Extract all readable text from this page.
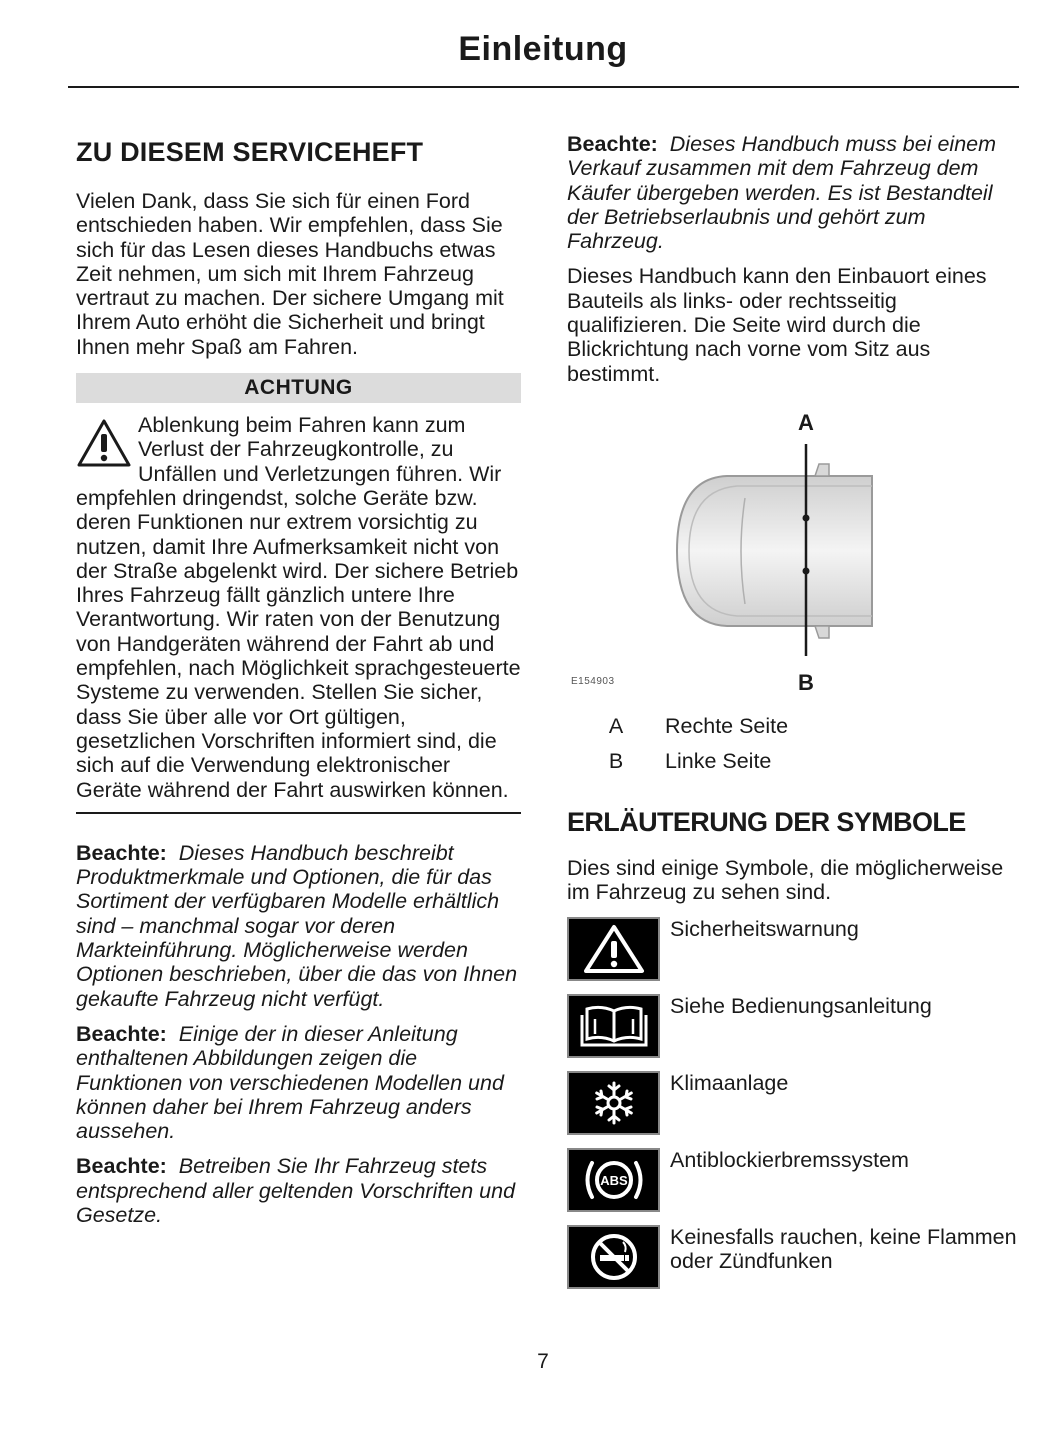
Einleitung
ZU DIESEM SERVICEHEFT

Vielen Dank, dass Sie sich für einen Ford entschieden haben. Wir empfehlen, dass Sie sich für das Lesen dieses Handbuchs etwas Zeit nehmen, um sich mit Ihrem Fahrzeug vertraut zu machen. Der sichere Umgang mit Ihrem Auto erhöht die Sicherheit und bringt Ihnen mehr Spaß am Fahren.

ACHTUNG
Ablenkung beim Fahren kann zum Verlust der Fahrzeugkontrolle, zu Unfällen und Verletzungen führen. Wir empfehlen dringendst, solche Geräte bzw. deren Funktionen nur extrem vorsichtig zu nutzen, damit Ihre Aufmerksamkeit nicht von der Straße abgelenkt wird. Der sichere Betrieb Ihres Fahrzeug fällt gänzlich untere Ihre Verantwortung. Wir raten von der Benutzung von Handgeräten während der Fahrt ab und empfehlen, nach Möglichkeit sprachgesteuerte Systeme zu verwenden. Stellen Sie sicher, dass Sie über alle vor Ort gültigen, gesetzlichen Vorschriften informiert sind, die sich auf die Verwendung elektronischer Geräte während der Fahrt auswirken können.

Beachte: Dieses Handbuch beschreibt Produktmerkmale und Optionen, die für das Sortiment der verfügbaren Modelle erhältlich sind – manchmal sogar vor deren Markteinführung. Möglicherweise werden Optionen beschrieben, über die das von Ihnen gekaufte Fahrzeug nicht verfügt.

Beachte: Einige der in dieser Anleitung enthaltenen Abbildungen zeigen die Funktionen von verschiedenen Modellen und können daher bei Ihrem Fahrzeug anders aussehen.

Beachte: Betreiben Sie Ihr Fahrzeug stets entsprechend aller geltenden Vorschriften und Gesetze.

Beachte: Dieses Handbuch muss bei einem Verkauf zusammen mit dem Fahrzeug dem Käufer übergeben werden. Es ist Bestandteil der Betriebserlaubnis und gehört zum Fahrzeug.

Dieses Handbuch kann den Einbauort eines Bauteils als links- oder rechtsseitig qualifizieren. Die Seite wird durch die Blickrichtung nach vorne vom Sitz aus bestimmt.

A
B
E154903
A	Rechte Seite
B	Linke Seite
ERLÄUTERUNG DER SYMBOLE

Dies sind einige Symbole, die möglicherweise im Fahrzeug zu sehen sind.

Sicherheitswarnung
Siehe Bedienungsanleitung
Klimaanlage
ABS
Antiblockierbremssystem
Keinesfalls rauchen, keine Flammen oder Zündfunken
7
